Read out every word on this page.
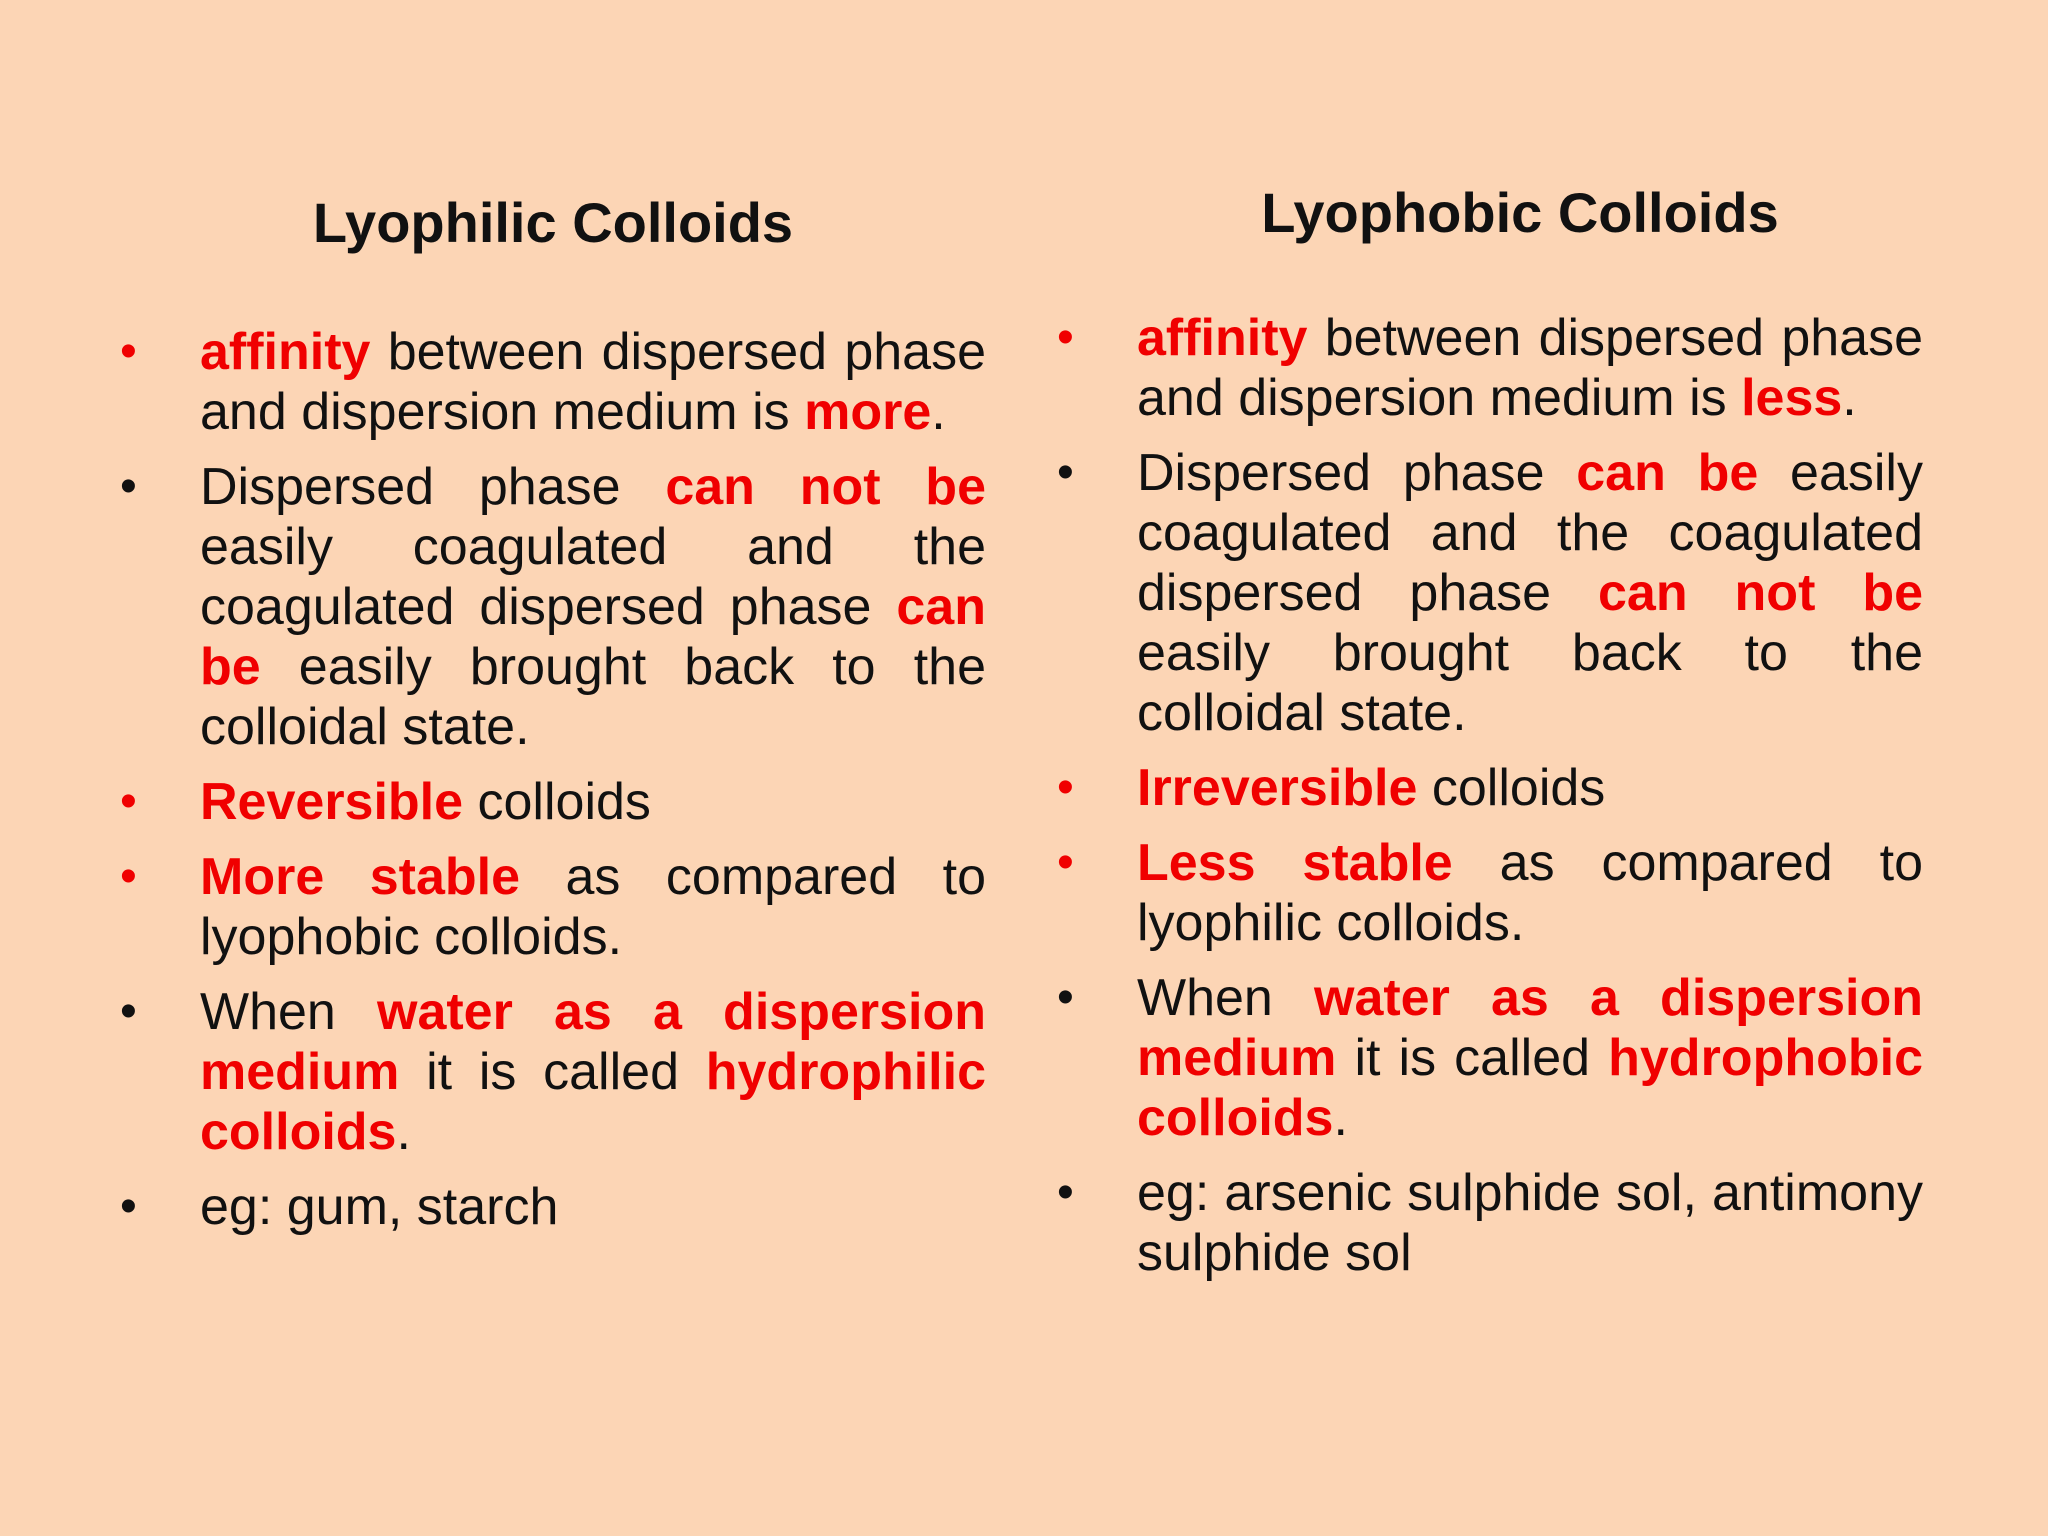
Lyophilic Colloids
• affinity between dispersed phase and dispersion medium is more.
• Dispersed phase can not be easily coagulated and the coagulated dispersed phase can be easily brought back to the colloidal state.
• Reversible colloids
• More stable as compared to lyophobic colloids.
• When water as a dispersion medium it is called hydrophilic colloids.
• eg: gum, starch
Lyophobic Colloids
• affinity between dispersed phase and dispersion medium is less.
• Dispersed phase can be easily coagulated and the coagulated dispersed phase can not be easily brought back to the colloidal state.
• Irreversible colloids
• Less stable as compared to lyophilic colloids.
• When water as a dispersion medium it is called hydrophobic colloids.
• eg: arsenic sulphide sol, antimony sulphide sol
